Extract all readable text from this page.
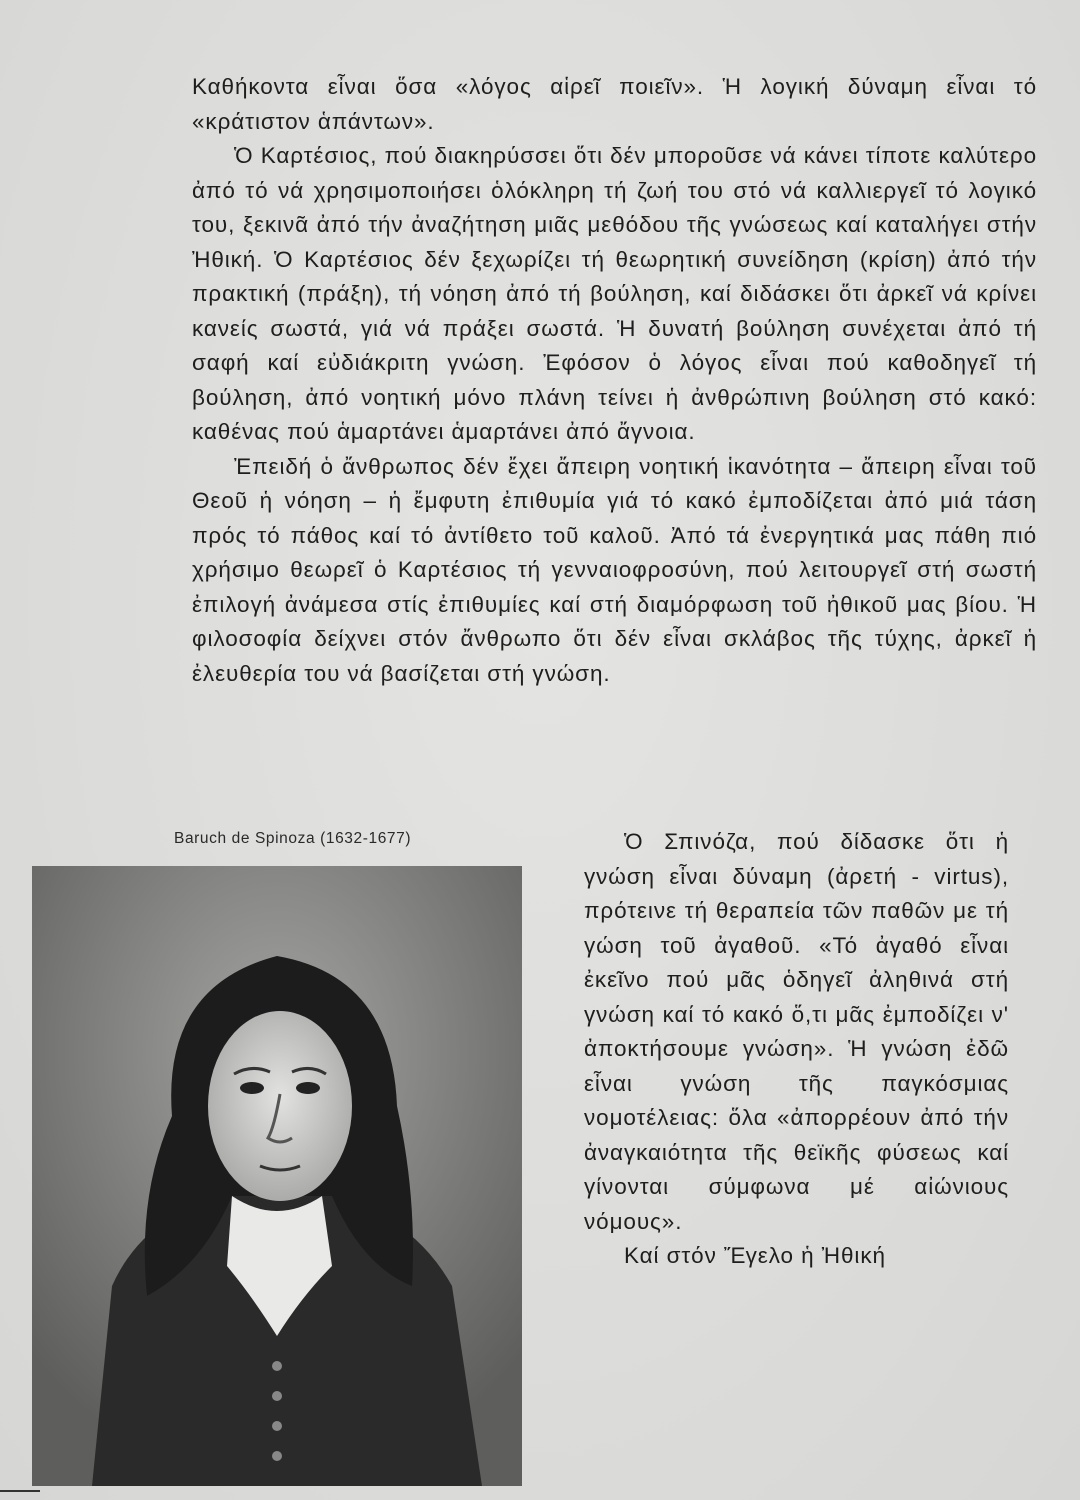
Καθήκοντα εἶναι ὅσα «λόγος αἱρεῖ ποιεῖν». Ἡ λογική δύναμη εἶναι τό «κράτιστον ἁπάντων».

Ὁ Καρτέσιος, πού διακηρύσσει ὅτι δέν μποροῦσε νά κάνει τίποτε καλύτερο ἀπό τό νά χρησιμοποιήσει ὁλόκληρη τή ζωή του στό νά καλλιεργεῖ τό λογικό του, ξεκινᾶ ἀπό τήν ἀναζήτηση μιᾶς μεθόδου τῆς γνώσεως καί καταλήγει στήν Ἠθική. Ὁ Καρτέσιος δέν ξεχωρίζει τή θεωρητική συνείδηση (κρίση) ἀπό τήν πρακτική (πράξη), τή νόηση ἀπό τή βούληση, καί διδάσκει ὅτι ἀρκεῖ νά κρίνει κανείς σωστά, γιά νά πράξει σωστά. Ἡ δυνατή βούληση συνέχεται ἀπό τή σαφή καί εὐδιάκριτη γνώση. Ἐφόσον ὁ λόγος εἶναι πού καθοδηγεῖ τή βούληση, ἀπό νοητική μόνο πλάνη τείνει ἡ ἀνθρώπινη βούληση στό κακό: καθένας πού ἁμαρτάνει ἁμαρτάνει ἀπό ἄγνοια.

Ἐπειδή ὁ ἄνθρωπος δέν ἔχει ἄπειρη νοητική ἱκανότητα – ἄπειρη εἶναι τοῦ Θεοῦ ἡ νόηση – ἡ ἔμφυτη ἐπιθυμία γιά τό κακό ἐμποδίζεται ἀπό μιά τάση πρός τό πάθος καί τό ἀντίθετο τοῦ καλοῦ. Ἀπό τά ἐνεργητικά μας πάθη πιό χρήσιμο θεωρεῖ ὁ Καρτέσιος τή γενναιοφροσύνη, πού λειτουργεῖ στή σωστή ἐπιλογή ἀνάμεσα στίς ἐπιθυμίες καί στή διαμόρφωση τοῦ ἠθικοῦ μας βίου. Ἡ φιλοσοφία δείχνει στόν ἄνθρωπο ὅτι δέν εἶναι σκλάβος τῆς τύχης, ἀρκεῖ ἡ ἐλευθερία του νά βασίζεται στή γνώση.

Baruch de Spinoza (1632-1677)	Ὁ Σπινόζα, πού δίδασκε ὅτι ἡ γνώση εἶναι δύναμη (ἀρετή - virtus), πρότεινε τή θεραπεία τῶν παθῶν με τή γώση τοῦ ἀγαθοῦ. «Τό ἀγαθό εἶναι ἐκεῖνο πού μᾶς ὁδηγεῖ ἀληθινά στή γνώση καί τό κακό ὅ,τι μᾶς ἐμποδίζει ν' ἀποκτήσουμε γνώση». Ἡ γνώση ἐδῶ εἶναι γνώση τῆς παγκόσμιας νομοτέλειας: ὅλα «ἀπορρέουν ἀπό τήν ἀναγκαιότητα τῆς θεϊκῆς φύσεως καί γίνονται σύμφωνα μέ αἰώνιους νόμους».

Καί στόν Ἔγελο ἡ Ἠθική
